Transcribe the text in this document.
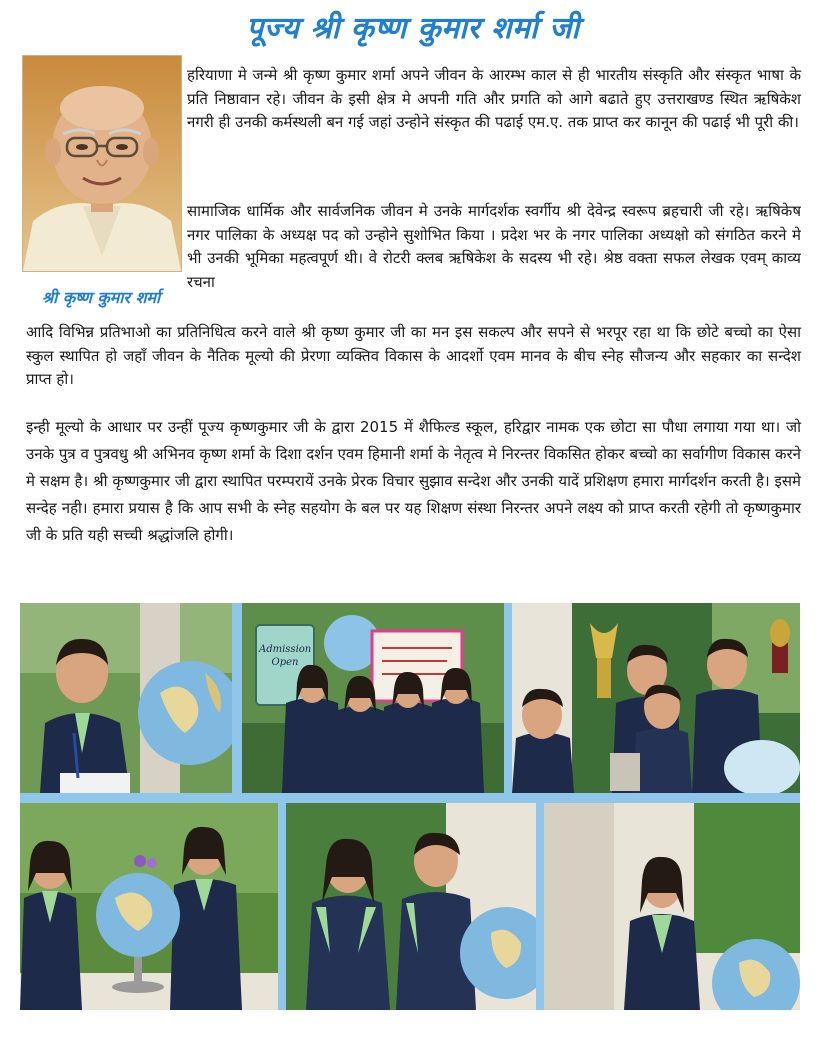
पूज्य श्री कृष्ण कुमार शर्मा जी
श्री कृष्ण कुमार शर्मा

हरियाणा मे जन्मे श्री कृष्ण कुमार शर्मा अपने जीवन के आरम्भ काल से ही भारतीय संस्कृति और संस्कृत भाषा के प्रति निष्ठावान रहे। जीवन के इसी क्षेत्र मे अपनी गति और प्रगति को आगे बढाते हुए उत्तराखण्ड स्थित ऋषिकेश नगरी ही उनकी कर्मस्थली बन गई जहां उन्होने संस्कृत की पढाई एम.ए. तक प्राप्त कर कानून की पढाई भी पूरी की।

सामाजिक धार्मिक और सार्वजनिक जीवन मे उनके मार्गदर्शक स्वर्गीय श्री देवेन्द्र स्वरूप ब्रहचारी जी रहे। ऋषिकेष नगर पालिका के अध्यक्ष पद को उन्होने सुशोभित किया । प्रदेश भर के नगर पालिका अध्यक्षो को संगठित करने मे भी उनकी भूमिका महत्वपूर्ण थी। वे रोटरी क्लब ऋषिकेश के सदस्य भी रहे। श्रेष्ठ वक्ता सफल लेखक एवम् काव्य रचना

आदि विभिन्न प्रतिभाओ का प्रतिनिधित्व करने वाले श्री कृष्ण कुमार जी का मन इस सकल्प और सपने से भरपूर रहा था कि छोटे बच्चो का ऐसा स्कुल स्थापित हो जहाँ जीवन के नैतिक मूल्यो की प्रेरणा व्यक्तिव विकास के आदर्शो एवम मानव के बीच स्नेह सौजन्य और सहकार का सन्देश प्राप्त हो।

इन्ही मूल्यो के आधार पर उन्हीं पूज्य कृष्णकुमार जी के द्वारा 2015 में शैफिल्ड स्कूल, हरिद्वार नामक एक छोटा सा पौधा लगाया गया था। जो उनके पुत्र व पुत्रवधु श्री अभिनव कृष्ण शर्मा के दिशा दर्शन एवम हिमानी शर्मा के नेतृत्व मे निरन्तर विकसित होकर बच्चो का सर्वागीण विकास करने मे सक्षम है। श्री कृष्णकुमार जी द्वारा स्थापित परम्परायें उनके प्रेरक विचार सुझाव सन्देश और उनकी यादें प्रशिक्षण हमारा मार्गदर्शन करती है। इसमे सन्देह नही। हमारा प्रयास है कि आप सभी के स्नेह सहयोग के बल पर यह शिक्षण संस्था निरन्तर अपने लक्ष्य को प्राप्त करती रहेगी तो कृष्णकुमार जी के प्रति यही सच्ची श्रद्धांजलि होगी।

Admission Open
